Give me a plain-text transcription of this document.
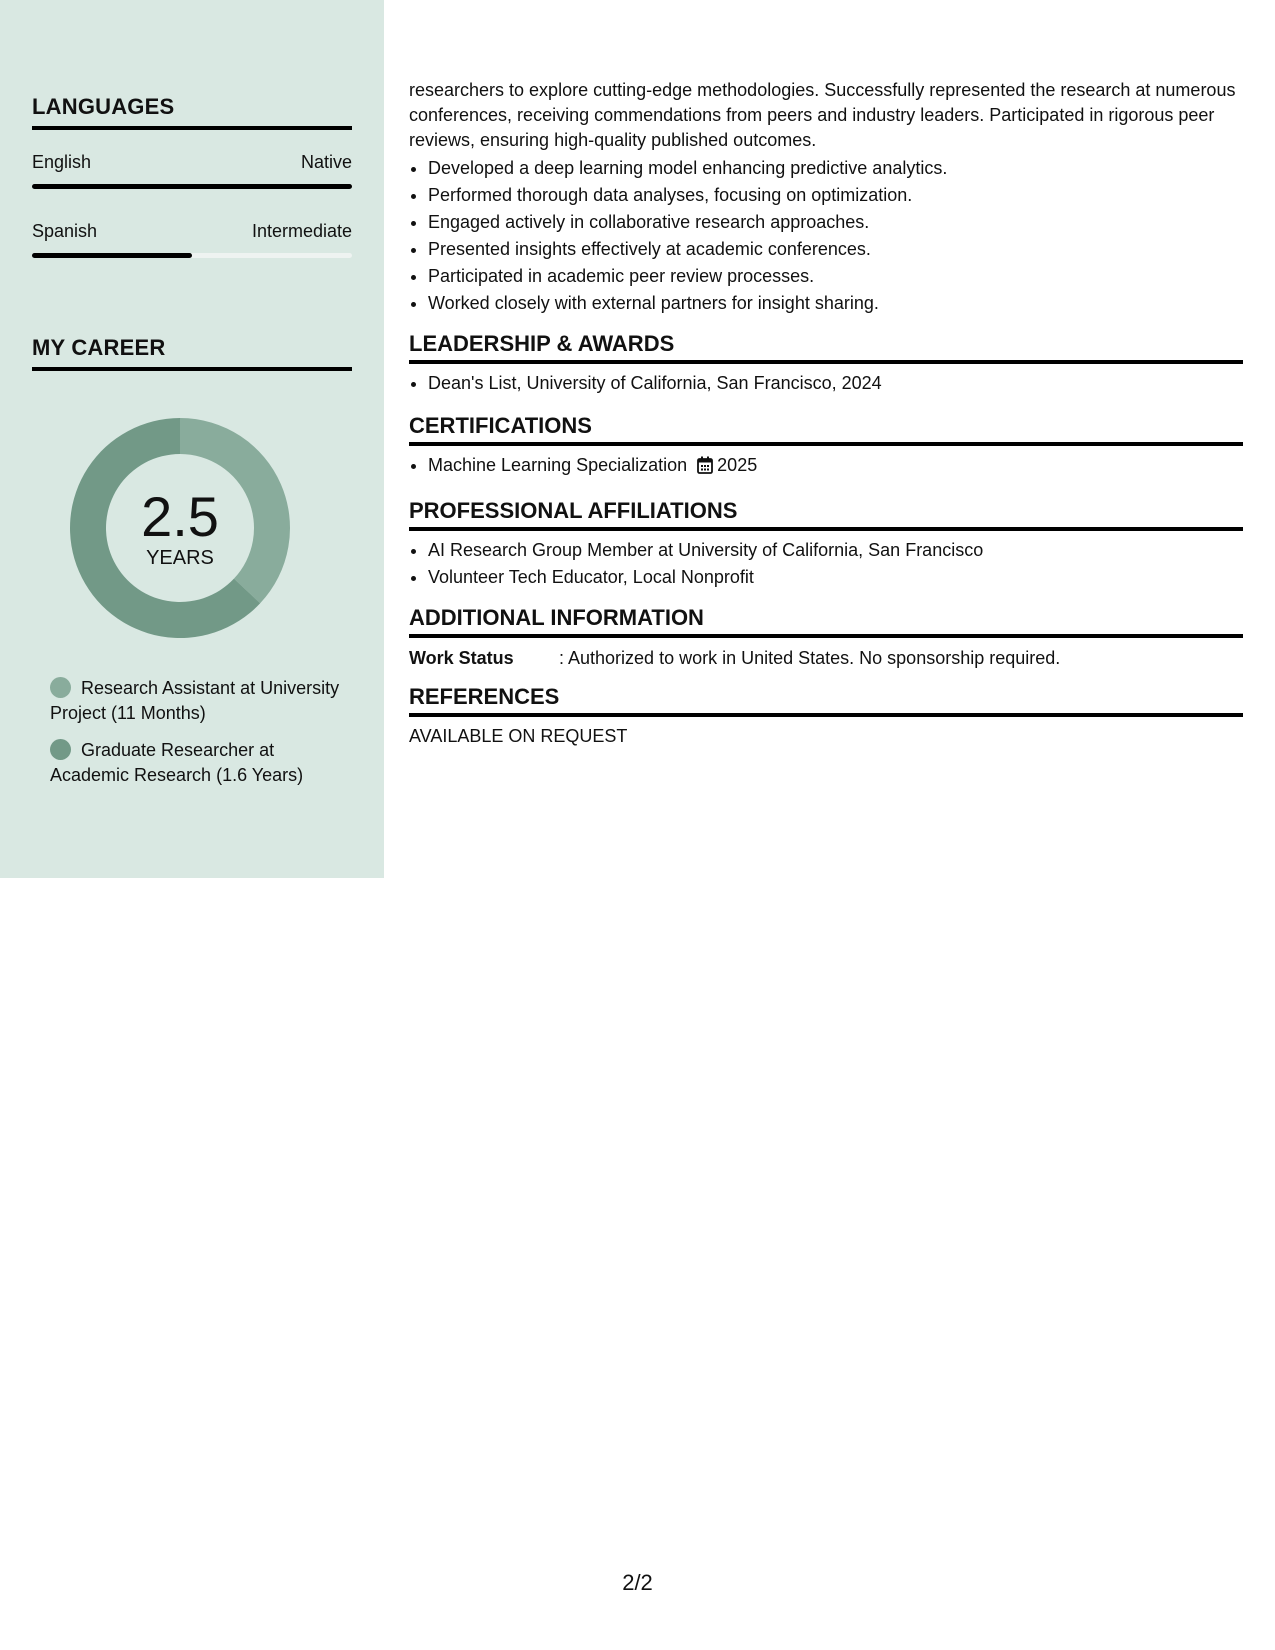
LANGUAGES
English	Native
Spanish	Intermediate
MY CAREER
2.5
YEARS
Research Assistant at University Project (11 Months)
Graduate Researcher at Academic Research (1.6 Years)
researchers to explore cutting-edge methodologies. Successfully represented the research at numerous conferences, receiving commendations from peers and industry leaders. Participated in rigorous peer reviews, ensuring high-quality published outcomes.
• Developed a deep learning model enhancing predictive analytics.
• Performed thorough data analyses, focusing on optimization.
• Engaged actively in collaborative research approaches.
• Presented insights effectively at academic conferences.
• Participated in academic peer review processes.
• Worked closely with external partners for insight sharing.
LEADERSHIP & AWARDS
• Dean's List, University of California, San Francisco, 2024
CERTIFICATIONS
• Machine Learning Specialization 2025
PROFESSIONAL AFFILIATIONS
• AI Research Group Member at University of California, San Francisco
• Volunteer Tech Educator, Local Nonprofit
ADDITIONAL INFORMATION
Work Status	: Authorized to work in United States. No sponsorship required.
REFERENCES
AVAILABLE ON REQUEST
2/2
